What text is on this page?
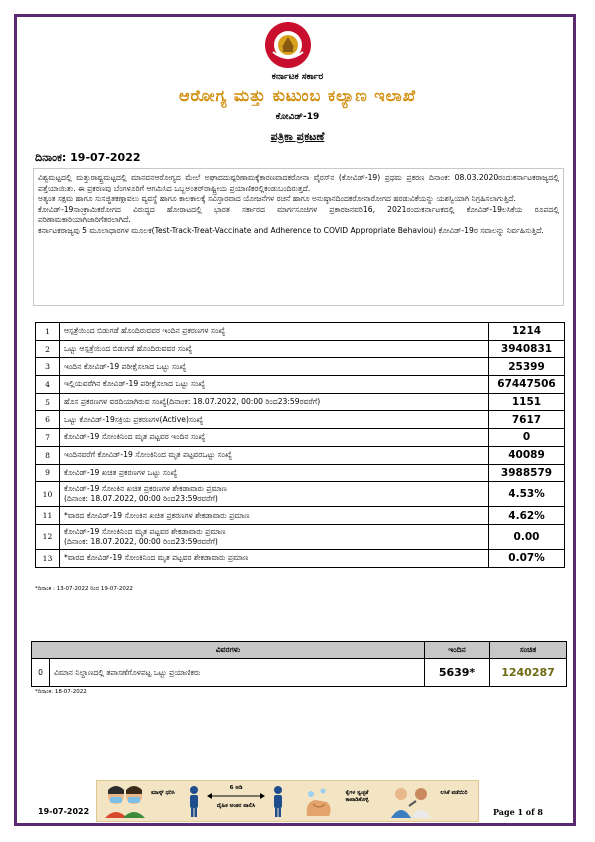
ಕರ್ನಾಟಕ ಸರ್ಕಾರ
ಆರೋಗ್ಯ ಮತ್ತು ಕುಟುಂಬ ಕಲ್ಯಾಣ ಇಲಾಖೆ
ಕೋವಿಡ್-19
ಪತ್ರಿಕಾ ಪ್ರಕಟಣೆ
ದಿನಾಂಕ: 19-07-2022

ವಿಶ್ವಮಟ್ಟದಲ್ಲಿ ಮತ್ತುರಾಷ್ಟ್ರಮಟ್ಟದಲ್ಲಿ ಮಾನವನಆರೋಗ್ಯದ ಮೇಲೆ ಅಘಾದದುಷ್ಪರಿಣಾಮಕ್ಕೆಕಾರಣವಾದಕರೋನಾ ವೈರಸ್‌ನ (ಕೋವಿಡ್-19) ಪ್ರಥಮ ಪ್ರಕರಣ ದಿನಾಂಕ: 08.03.2020ರಂದುಕರ್ನಾಟಕರಾಜ್ಯದಲ್ಲಿ ಪತ್ತೆಯಾಯಿತು. ಈ ಪ್ರಕರಣವು ಬೆಂಗಳೂರಿಗೆ ಆಗಮಿಸಿದ ಒಬ್ಬಅಂತರ್‌ರಾಷ್ಟ್ರೀಯ ಪ್ರಯಾಣಿಕರಲ್ಲಿಕಂಡುಬಂದಿರುತ್ತದೆ.

ಅತ್ಯಂತ ಸಕ್ಷಮ ಹಾಗೂ ಸುಸಜ್ಜಿತಕಣ್ಗಾವಲು ವ್ಯವಸ್ಥೆ ಹಾಗೂ ಕಾಲಕಾಲಕ್ಕೆ ಸವಿಸ್ತಾರವಾದ ಯೋಜನೆಗಳ ರಚನೆ ಹಾಗೂ ಅನುಷ್ಠಾನದಿಂದಕರೋನಾರೋಗದ ಹರಡುವಿಕೆಯನ್ನು ಯಶಸ್ವಿಯಾಗಿ ನಿಗ್ರಹಿಸಲಾಗುತ್ತಿದೆ.

ಕೋವಿಡ್-19ಸಾಂಕ್ರಾಮಿಕರೋಗದ ವಿರುದ್ಧದ ಹೋರಾಟದಲ್ಲಿ ಭಾರತ ಸರ್ಕಾರದ ಮಾರ್ಗಸೂಚಿಗಳ ಪ್ರಕಾರಜನವರಿ16, 2021ರಂದುಕರ್ನಾಟಕದಲ್ಲಿ ಕೋವಿಡ್-19ಲಸಿಕೆಯ ರೂಪದಲ್ಲಿ ಪರಿಣಾಮಕಾರಿಯಾಗಿಜಾರಿಗೆತರಲಾಗಿದೆ.

ಕರ್ನಾಟಕರಾಜ್ಯವು 5 ಮೂಲಾಧಾರಗಳ ಮೂಲಕ(Test-Track-Treat-Vaccinate and Adherence to COVID Appropriate Behaviou) ಕೋವಿಡ್-19ರ ಸವಾಲನ್ನು ನಿರ್ವಹಿಸುತ್ತಿದೆ.

1	ಆಸ್ಪತ್ರೆಯಿಂದ ಬಿಡುಗಡೆ ಹೊಂದಿರುವವರ ಇಂದಿನ ಪ್ರಕರಣಗಳ ಸಂಖ್ಯೆ	1214
2	ಒಟ್ಟು ಆಸ್ಪತ್ರೆಯಿಂದ ಬಿಡುಗಡೆ ಹೊಂದಿರುವವರ ಸಂಖ್ಯೆ	3940831
3	ಇಂದಿನ ಕೋವಿಡ್-19 ಪರೀಕ್ಷೆಸಲಾದ ಒಟ್ಟು ಸಂಖ್ಯೆ	25399
4	ಇಲ್ಲಿಯವರೆಗಿನ ಕೋವಿಡ್-19 ಪರೀಕ್ಷೆಸಲಾದ ಒಟ್ಟು ಸಂಖ್ಯೆ	67447506
5	ಹೊಸ ಪ್ರಕರಣಗಳ ವರದಿಯಾಗಿರುವ ಸಂಖ್ಯೆ(ದಿನಾಂಕ: 18.07.2022, 00:00 ರಿಂದ23:59ರವರೆಗೆ)	1151
6	ಒಟ್ಟು ಕೋವಿಡ್-19ಸಕ್ರಿಯ ಪ್ರಕರಣಗಳ(Active)ಸಂಖ್ಯೆ	7617
7	ಕೋವಿಡ್-19 ಸೋಂಕಿನಿಂದ ಮೃತ ಪಟ್ಟವರ ಇಂದಿನ ಸಂಖ್ಯೆ	0
8	ಇಂದಿನವರೆಗೆ ಕೋವಿಡ್-19 ಸೋಂಕಿನಿಂದ ಮೃತ ಪಟ್ಟವರಒಟ್ಟು ಸಂಖ್ಯೆ	40089
9	ಕೋವಿಡ್-19 ಖಚಿತ ಪ್ರಕರಣಗಳ ಒಟ್ಟು ಸಂಖ್ಯೆ	3988579
10	ಕೋವಿಡ್-19 ಸೋಂಕಿನ ಖಚಿತ ಪ್ರಕರಣಗಳ ಶೇಕಡಾವಾರು ಪ್ರಮಾಣ
(ದಿನಾಂಕ: 18.07.2022, 00:00 ರಿಂದ23:59ರವರೆಗೆ)	4.53%
11	*ವಾರದ ಕೋವಿಡ್-19 ಸೋಂಕಿನ ಖಚಿತ ಪ್ರಕರಣಗಳ ಶೇಕಡಾವಾರು ಪ್ರಮಾಣ	4.62%
12	ಕೋವಿಡ್-19 ಸೋಂಕಿನಿಂದ ಮೃತ ಪಟ್ಟವರ ಶೇಕಡಾವಾರು ಪ್ರಮಾಣ
(ದಿನಾಂಕ: 18.07.2022, 00:00 ರಿಂದ23:59ರವರೆಗೆ)	0.00
13	*ವಾರದ ಕೋವಿಡ್-19 ಸೋಂಕಿನಿಂದ ಮೃತ ಪಟ್ಟವರ ಶೇಕಡಾವಾರು ಪ್ರಮಾಣ	0.07%
*ದಿನಾಂಕ : 13-07-2022 ರಿಂದ 19-07-2022
ವಿವರಗಳು		ಇಂದಿನ	ಸಂಚಿತ
0	ವಿಮಾನ ನಿಲ್ದಾಣದಲ್ಲಿ ತಪಾಸಣೆಗೊಳಪಟ್ಟ ಒಟ್ಟು ಪ್ರಯಾಣಿಕರು	5639*	1240287
*ದಿನಾಂಕ: 18-07-2022
ಮಾಸ್ಕ್ ಧರಿಸಿ
6 ಅಡಿ
ದೈಹಿಕ ಅಂತರ ಪಾಲಿಸಿ
ಕೈಗಳ ಸ್ವಚ್ಛತೆ ಕಾಪಾಡಿಕೊಳ್ಳಿ
ಲಸಿಕೆ ಪಡೆಯಿರಿ
19-07-2022	Page 1 of 8
